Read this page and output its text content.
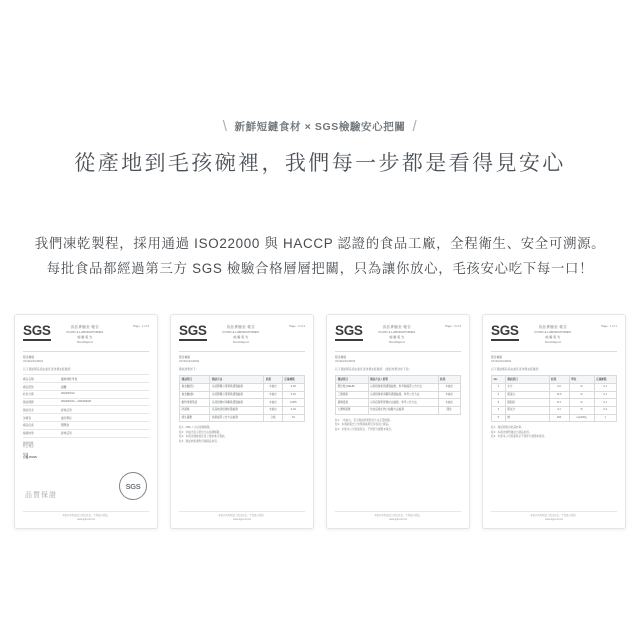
\ 新鮮短鏈食材 × SGS檢驗安心把關 /
從產地到毛孩碗裡，我們每一步都是看得見安心
我們凍乾製程，採用通過 ISO22000 與 HACCP 認證的食品工廠，全程衛生、安全可溯源。
每批食品都經過第三方 SGS 檢驗合格層層把關，只為讓你放心，毛孩安心吃下每一口！
SGS	食品實驗室 報告
FOOD & LABORATORIES
檢 驗 報 告
Test Report
Page : 1 of 3
報告編號
UK/2024/A0001
以下測試樣品係由委託者送樣並經確認：
樣品名稱	寵物凍乾零食
樣品型態	固體
收件日期	2024/03/12
測試期間	2024/03/12 ~ 2024/03/20
測試需求	詳如后列
送樣者	委託單位
樣品包裝	塑膠袋
檢測結果	詳如后列
測試結果
符合規定
結論
合格 PASS
品質保證
SGS
本報告僅對測試之樣品負責，不得部分複製。
www.sgs.com.tw
SGS	食品實驗室 報告
FOOD & LABORATORIES
檢 驗 報 告
Test Report
Page : 2 of 3
報告編號
UK/2024/A0002
測試結果如下：
測試項目	測試方法	結果	定量極限
重金屬(鉛)	以感應耦合電漿質譜儀檢測	未檢出	0.02
重金屬(鎘)	以感應耦合電漿質譜儀檢測	未檢出	0.01
動物用藥殘留	以液相層析串聯質譜儀檢測	未檢出	0.005
防腐劑	以高效液相層析儀檢測	未檢出	0.01
總生菌數	依衛福部公告方法檢測	合格	10
註1：MDL = 方法偵測極限。
註2：未檢出表示低於方法偵測極限。
註3：本報告僅就委託者之要求進行測試。
註4：測試結果僅對所測樣品負責。
本報告僅對測試之樣品負責，不得部分複製。
www.sgs.com.tw
SGS	食品實驗室 報告
FOOD & LABORATORIES
檢 驗 報 告
Test Report
Page : 3 of 3
報告編號
UK/2024/A0003
以下測試樣品係由委託者送樣並經確認：(測試結果詳如下表)
測試項目	測試方法 / 說明	結果
塑化劑 (DEHP)	以氣相層析質譜儀檢測，參考衛福部公告方法	未檢出
三聚氰胺	以液相層析串聯質譜儀檢測，參考公告方法	未檢出
黃麴毒素	以免疫親和管層析法檢測，參考公告方法	未檢出
大腸桿菌群	依食品微生物之檢驗方法檢測	陰性
註1：「未檢出」表示測試結果低於方法定量極限。
註2：本測試報告之結果僅適用於所收到之樣品。
註3：未經本公司書面同意，不得部分複製本報告。
本報告僅對測試之樣品負責，不得部分複製。
www.sgs.com.tw
SGS	食品實驗室 報告
FOOD & LABORATORIES
檢 驗 報 告
Test Report
Page : 1 of 1
報告編號
UK/2024/A0004
以下測試樣品係由委託者送樣並經確認：
No.	測試項目	結果	單位	定量極限
1	水分	3.2	%	0.1
2	粗蛋白	72.5	%	0.1
3	粗脂肪	8.4	%	0.1
4	粗灰分	4.1	%	0.1
5	鈉	320	mg/100g	1
註1：測試結果以乾基計算。
註2：本報告僅對測試之樣品負責。
註3：未經本公司書面同意不得部分複製本報告。
本報告僅對測試之樣品負責，不得部分複製。
www.sgs.com.tw
